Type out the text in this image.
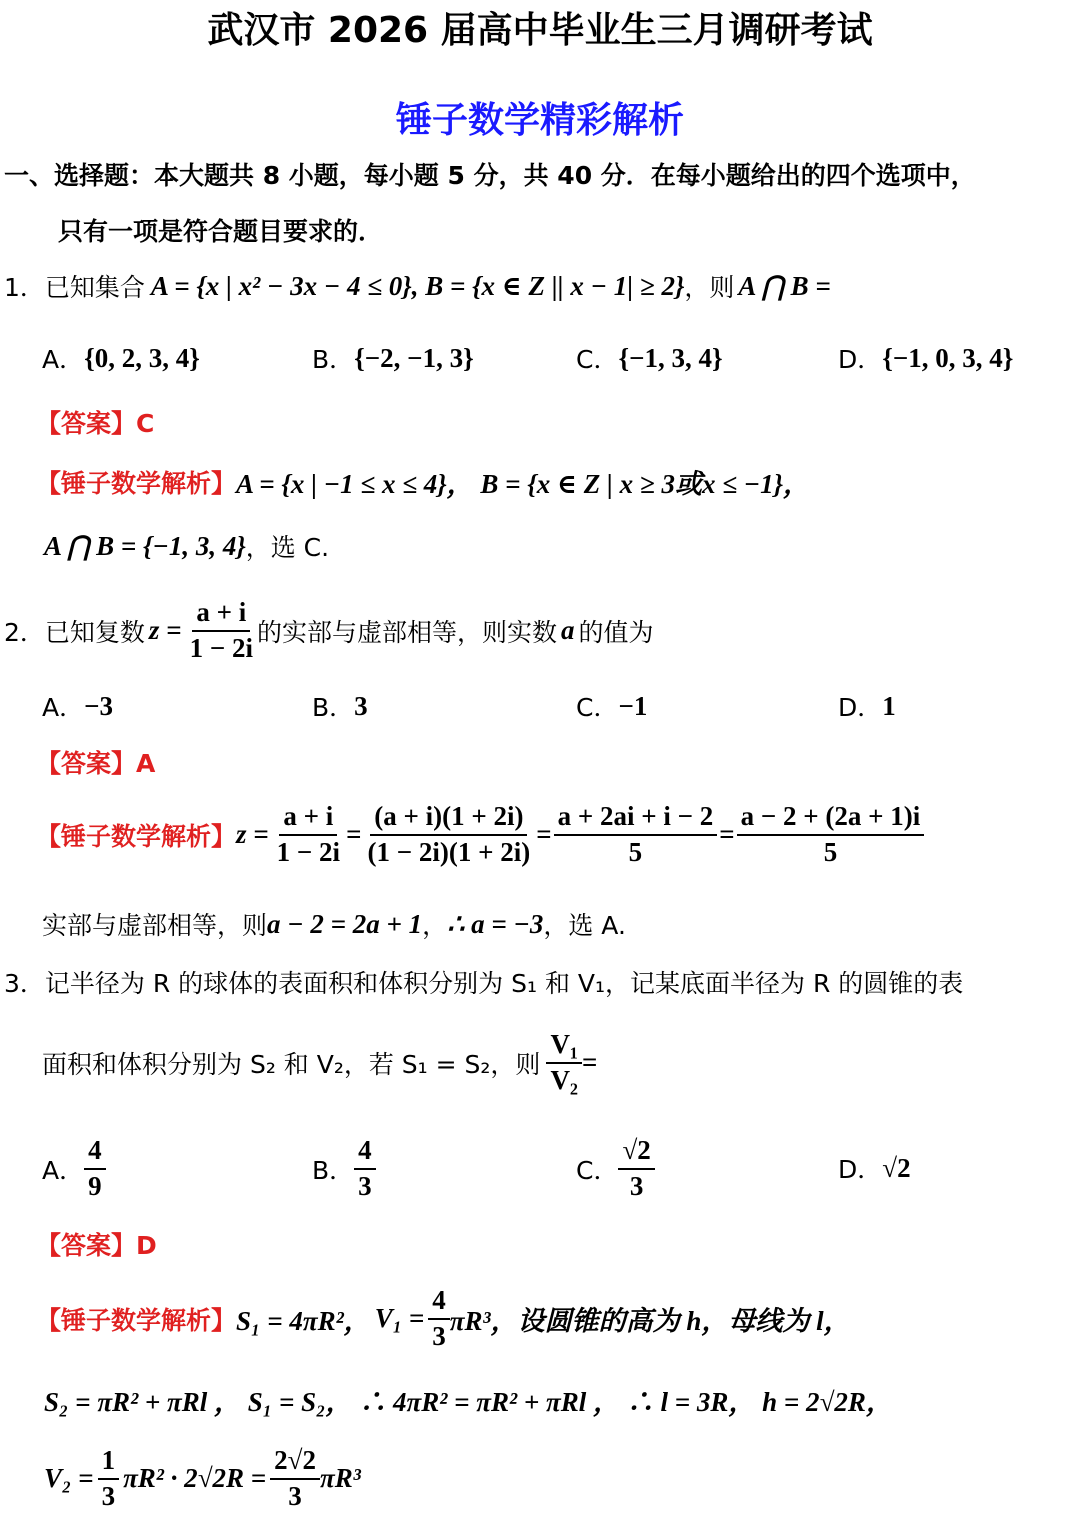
武汉市 2026 届高中毕业生三月调研考试
锤子数学精彩解析
一、选择题：本大题共 8 小题，每小题 5 分，共 40 分．在每小题给出的四个选项中，
只有一项是符合题目要求的．
1． 已知集合 A = {x | x² − 3x − 4 ≤ 0}, B = {x ∈ Z || x − 1| ≥ 2} ，则 A ⋂ B =
A． {0, 2, 3, 4}	B． {−2, −1, 3}	C． {−1, 3, 4}	D． {−1, 0, 3, 4}
【答案】C
【锤子数学解析】 A = {x | −1 ≤ x ≤ 4}， B = {x ∈ Z | x ≥ 3或x ≤ −1}，
A ⋂ B = {−1, 3, 4} ，选 C.
2． 已知复数 $z = \frac{a + i}{1 - 2i}$ 的实部与虚部相等，则实数 a 的值为
A． −3	B． 3	C． −1	D． 1
【答案】A
【锤子数学解析】 $z = \frac{a + i}{1 - 2i} = \frac{(a + i)(1 + 2i)}{(1 - 2i)(1 + 2i)} = \frac{a + 2ai + i - 2}{5} = \frac{a - 2 + (2a + 1)i}{5}$
实部与虚部相等，则 a − 2 = 2a + 1 ， ∴ a = −3 ，选 A.
3． 记半径为 R 的球体的表面积和体积分别为 S₁ 和 V₁，记某底面半径为 R 的圆锥的表
面积和体积分别为 S₂ 和 V₂，若 S₁ = S₂，则 $\frac{\text{V₁}}{\text{V₂}}$ =
A． $\frac{4}{9}$	B． $\frac{4}{3}$	C． $\frac{√2}{3}$	D． √2
【答案】D
【锤子数学解析】 S₁ = 4πR²， $V_1 = \frac{4}{3} \pi R^3$，设圆锥的高为 h，母线为 l，
S₂ = πR² + πRl ， S₁ = S₂， ∴ 4πR² = πR² + πRl ， ∴ l = 3R， h = 2√2R，
$V_2 = \frac{1}{3} \pi R^2 \cdot 2√2R = \frac{2√2}{3} \pi R^3$
